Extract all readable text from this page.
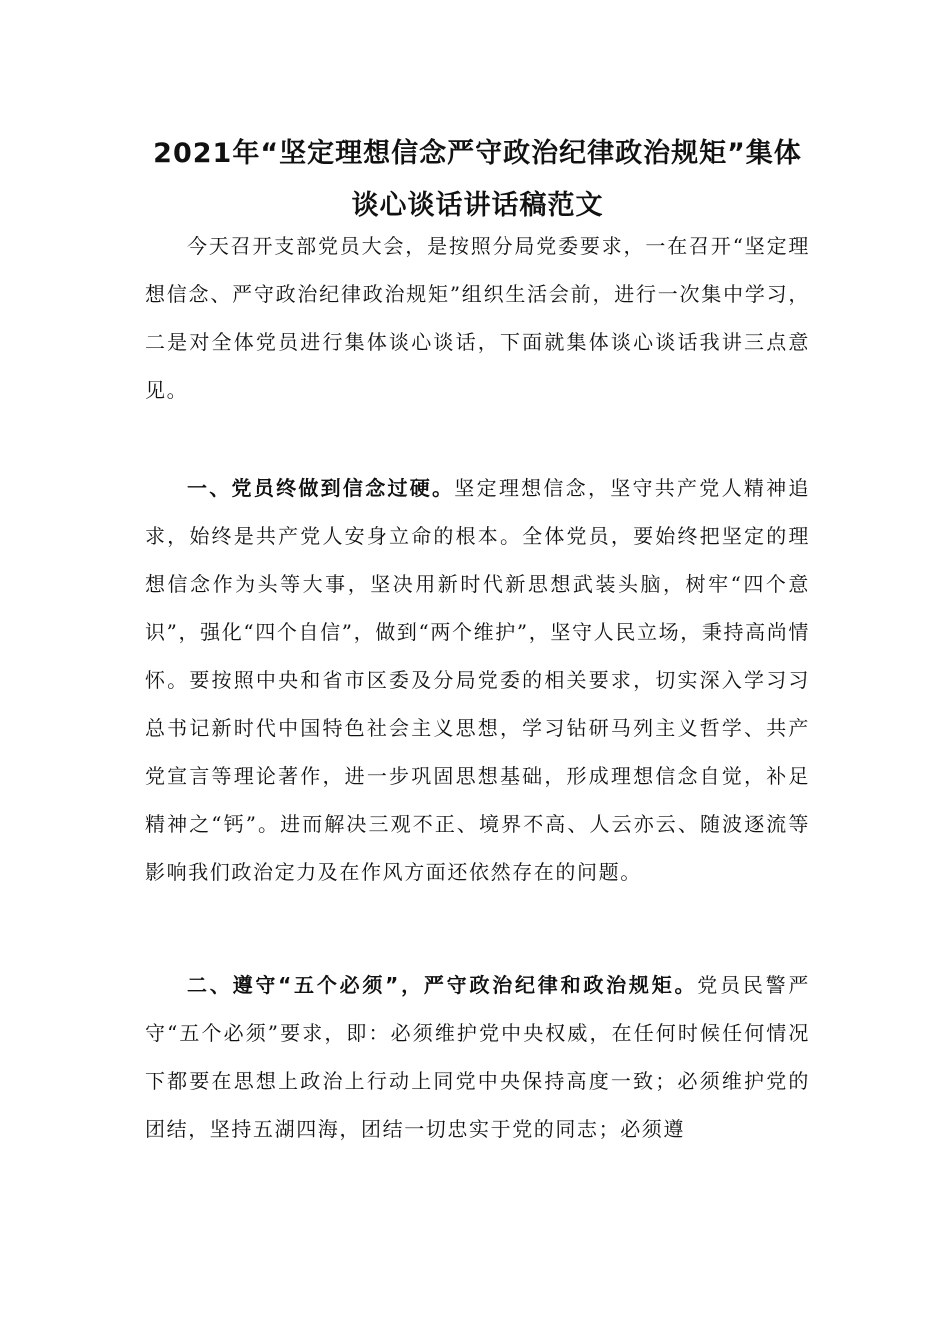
2021年“坚定理想信念严守政治纪律政治规矩”集体谈心谈话讲话稿范文

今天召开支部党员大会，是按照分局党委要求，一在召开“坚定理想信念、严守政治纪律政治规矩”组织生活会前，进行一次集中学习，二是对全体党员进行集体谈心谈话，下面就集体谈心谈话我讲三点意见。

一、党员终做到信念过硬。坚定理想信念，坚守共产党人精神追求，始终是共产党人安身立命的根本。全体党员，要始终把坚定的理想信念作为头等大事，坚决用新时代新思想武装头脑，树牢“四个意识”，强化“四个自信”，做到“两个维护”，坚守人民立场，秉持高尚情怀。要按照中央和省市区委及分局党委的相关要求，切实深入学习习总书记新时代中国特色社会主义思想，学习钻研马列主义哲学、共产党宣言等理论著作，进一步巩固思想基础，形成理想信念自觉，补足精神之“钙”。进而解决三观不正、境界不高、人云亦云、随波逐流等影响我们政治定力及在作风方面还依然存在的问题。

二、遵守“五个必须”，严守政治纪律和政治规矩。党员民警严守“五个必须”要求，即：必须维护党中央权威，在任何时候任何情况下都要在思想上政治上行动上同党中央保持高度一致；必须维护党的团结，坚持五湖四海，团结一切忠实于党的同志；必须遵
